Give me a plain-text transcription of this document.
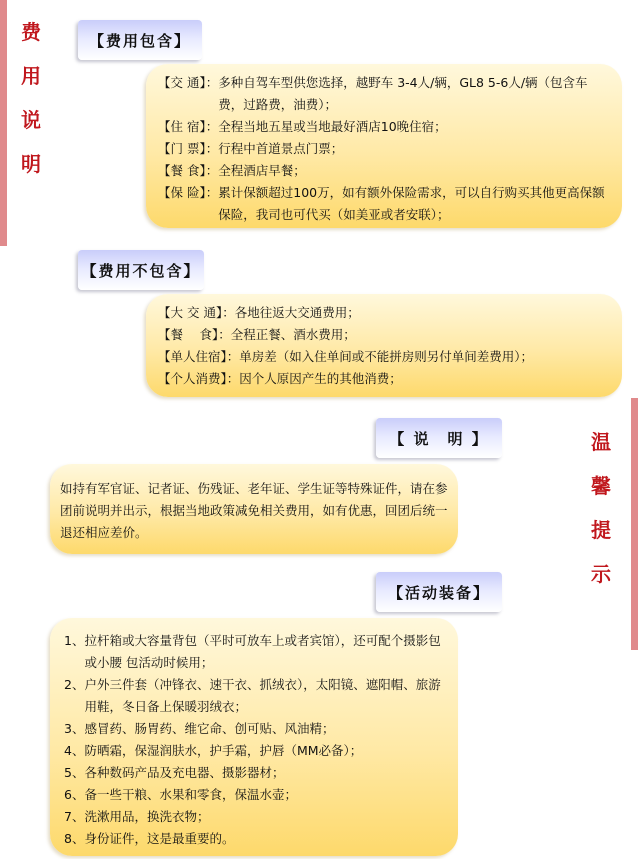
费
用
说
明
温
馨
提
示
【费用包含】
【交 通】： 多种自驾车型供您选择，越野车 3-4人/辆，GL8 5-6人/辆（包含车费，过路费，油费）；
【住 宿】： 全程当地五星或当地最好酒店10晚住宿；
【门 票】： 行程中首道景点门票；
【餐 食】： 全程酒店早餐；
【保 险】： 累计保额超过100万，如有额外保险需求，可以自行购买其他更高保额保险，我司也可代买（如美亚或者安联）；
【费用不包含】
【大 交 通】： 各地往返大交通费用；
【餐　 食】： 全程正餐、酒水费用；
【单人住宿】： 单房差（如入住单间或不能拼房则另付单间差费用）；
【个人消费】： 因个人原因产生的其他消费；
【 说　明 】
如持有军官证、记者证、伤残证、老年证、学生证等特殊证件，请在参团前说明并出示，根据当地政策减免相关费用，如有优惠，回团后统一退还相应差价。
【活动装备】
1、 拉杆箱或大容量背包（平时可放车上或者宾馆），还可配个摄影包或小腰 包活动时候用；
2、 户外三件套（冲锋衣、速干衣、抓绒衣），太阳镜、遮阳帽、旅游用鞋，冬日备上保暖羽绒衣；
3、 感冒药、肠胃药、维它命、创可贴、风油精；
4、 防晒霜，保湿润肤水，护手霜，护唇（MM必备）；
5、 各种数码产品及充电器、摄影器材；
6、 备一些干粮、水果和零食，保温水壶；
7、 洗漱用品，换洗衣物；
8、 身份证件，这是最重要的。
